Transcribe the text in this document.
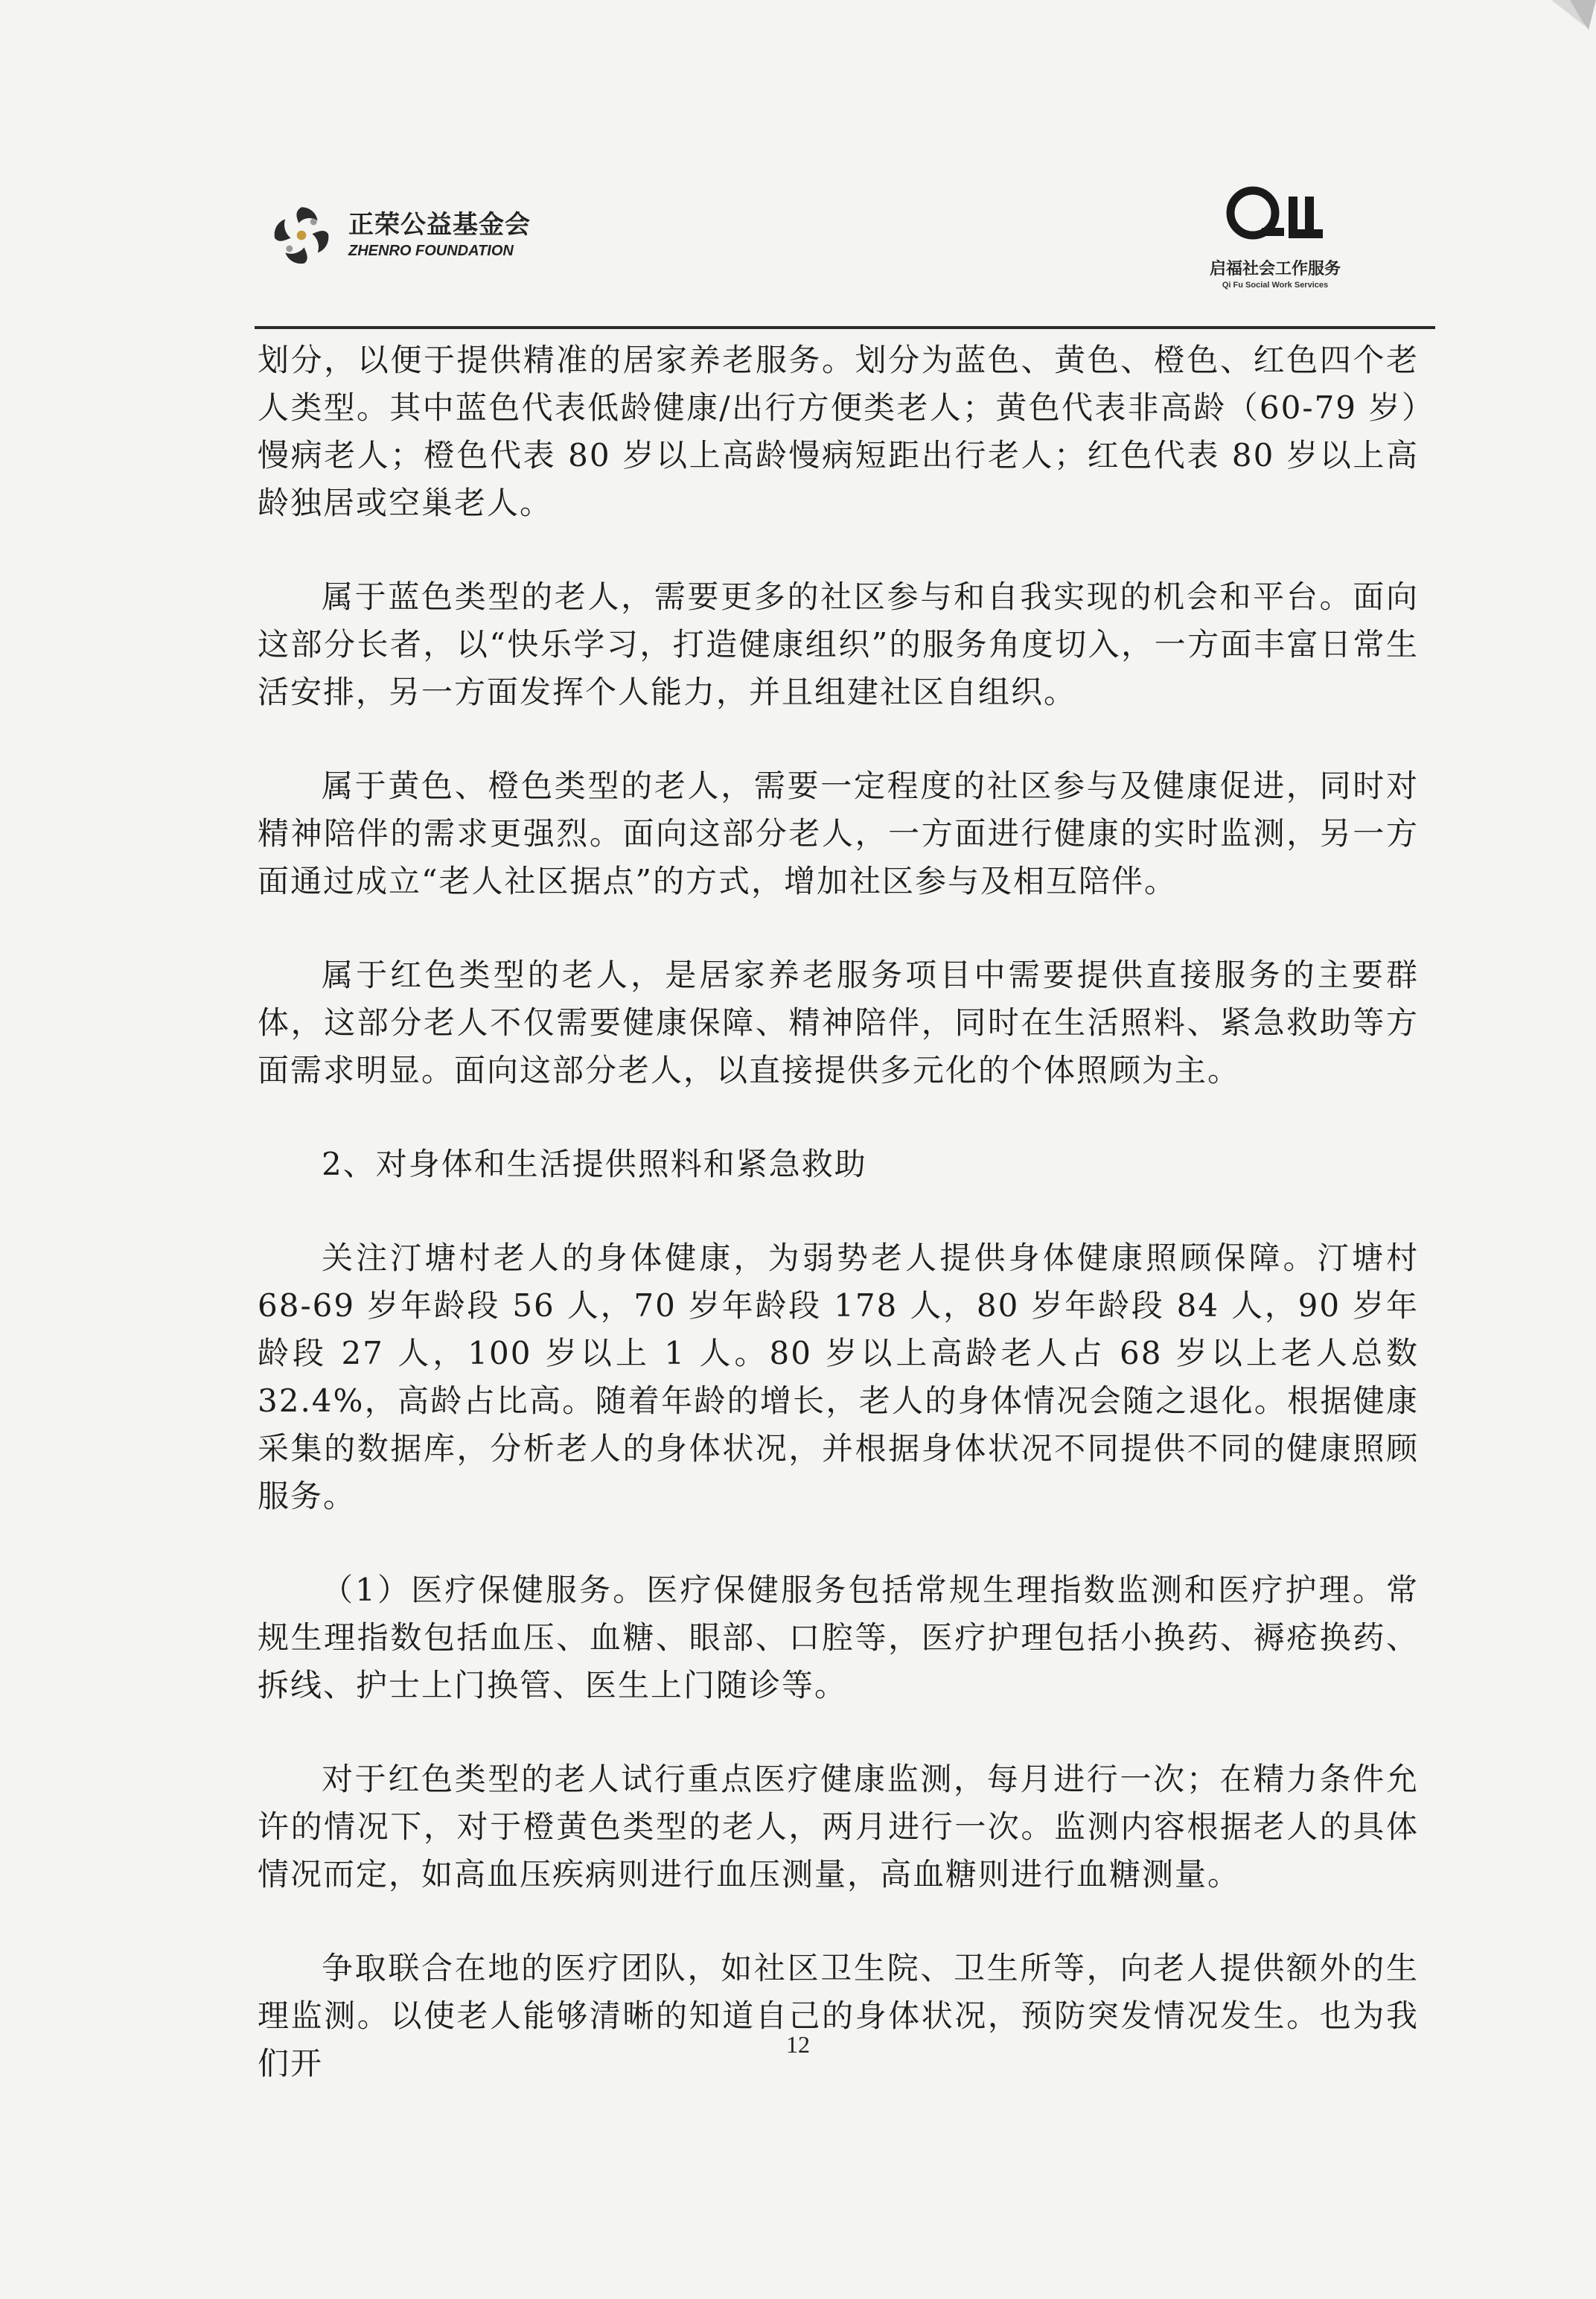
正荣公益基金会
ZHENRO FOUNDATION
启福社会工作服务
Qi Fu Social Work Services

划分，以便于提供精准的居家养老服务。划分为蓝色、黄色、橙色、红色四个老人类型。其中蓝色代表低龄健康/出行方便类老人；黄色代表非高龄（60-79 岁）慢病老人；橙色代表 80 岁以上高龄慢病短距出行老人；红色代表 80 岁以上高龄独居或空巢老人。

属于蓝色类型的老人，需要更多的社区参与和自我实现的机会和平台。面向这部分长者，以“快乐学习，打造健康组织”的服务角度切入，一方面丰富日常生活安排，另一方面发挥个人能力，并且组建社区自组织。

属于黄色、橙色类型的老人，需要一定程度的社区参与及健康促进，同时对精神陪伴的需求更强烈。面向这部分老人，一方面进行健康的实时监测，另一方面通过成立“老人社区据点”的方式，增加社区参与及相互陪伴。

属于红色类型的老人，是居家养老服务项目中需要提供直接服务的主要群体，这部分老人不仅需要健康保障、精神陪伴，同时在生活照料、紧急救助等方面需求明显。面向这部分老人，以直接提供多元化的个体照顾为主。

2、对身体和生活提供照料和紧急救助

关注汀塘村老人的身体健康，为弱势老人提供身体健康照顾保障。汀塘村 68-69 岁年龄段 56 人，70 岁年龄段 178 人，80 岁年龄段 84 人，90 岁年龄段 27 人，100 岁以上 1 人。80 岁以上高龄老人占 68 岁以上老人总数 32.4%，高龄占比高。随着年龄的增长，老人的身体情况会随之退化。根据健康采集的数据库，分析老人的身体状况，并根据身体状况不同提供不同的健康照顾服务。

（1）医疗保健服务。医疗保健服务包括常规生理指数监测和医疗护理。常规生理指数包括血压、血糖、眼部、口腔等，医疗护理包括小换药、褥疮换药、拆线、护士上门换管、医生上门随诊等。

对于红色类型的老人试行重点医疗健康监测，每月进行一次；在精力条件允许的情况下，对于橙黄色类型的老人，两月进行一次。监测内容根据老人的具体情况而定，如高血压疾病则进行血压测量，高血糖则进行血糖测量。

争取联合在地的医疗团队，如社区卫生院、卫生所等，向老人提供额外的生理监测。以使老人能够清晰的知道自己的身体状况，预防突发情况发生。也为我们开

12
